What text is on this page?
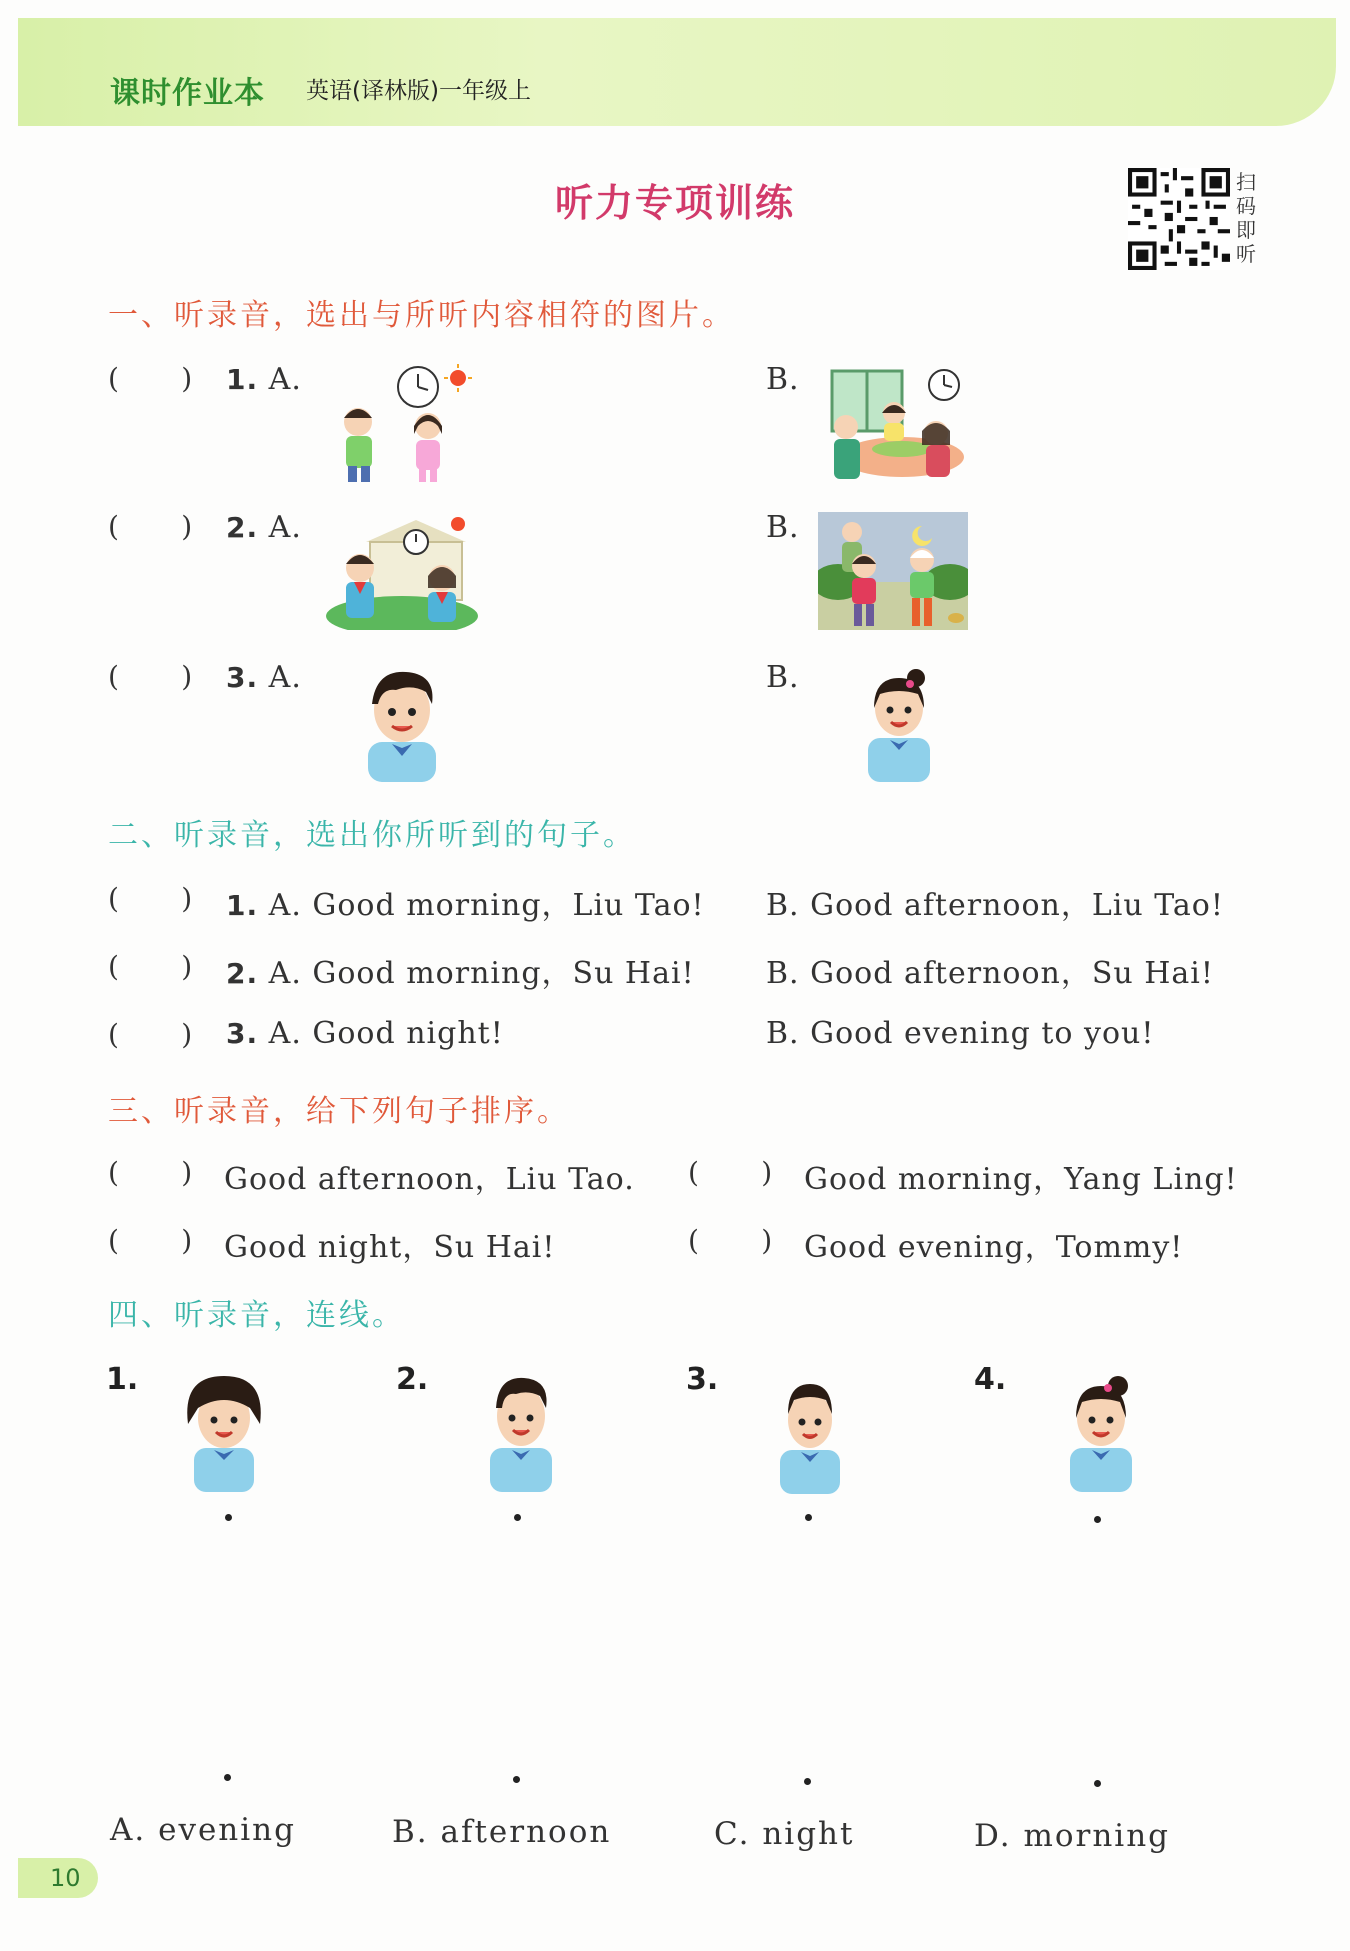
课时作业本 英语(译林版)一年级上
听力专项训练	扫码即听
一、听录音，选出与所听内容相符的图片。
(       ) 1. A.	B.
(       ) 2. A.	B.
(       ) 3. A.	B.
二、听录音，选出你所听到的句子。
(       ) 1. A. Good morning，Liu Tao! B. Good afternoon，Liu Tao!
(       ) 2. A. Good morning，Su Hai! B. Good afternoon，Su Hai!
(       ) 3. A. Good night!	B. Good evening to you!
三、听录音，给下列句子排序。
(       ) Good afternoon，Liu Tao. (       ) Good morning，Yang Ling!
(       ) Good night，Su Hai!	(       ) Good evening，Tommy!
四、听录音，连线。
1.	2.	3.	4.
A. evening	B. afternoon	C. night	D. morning
10
